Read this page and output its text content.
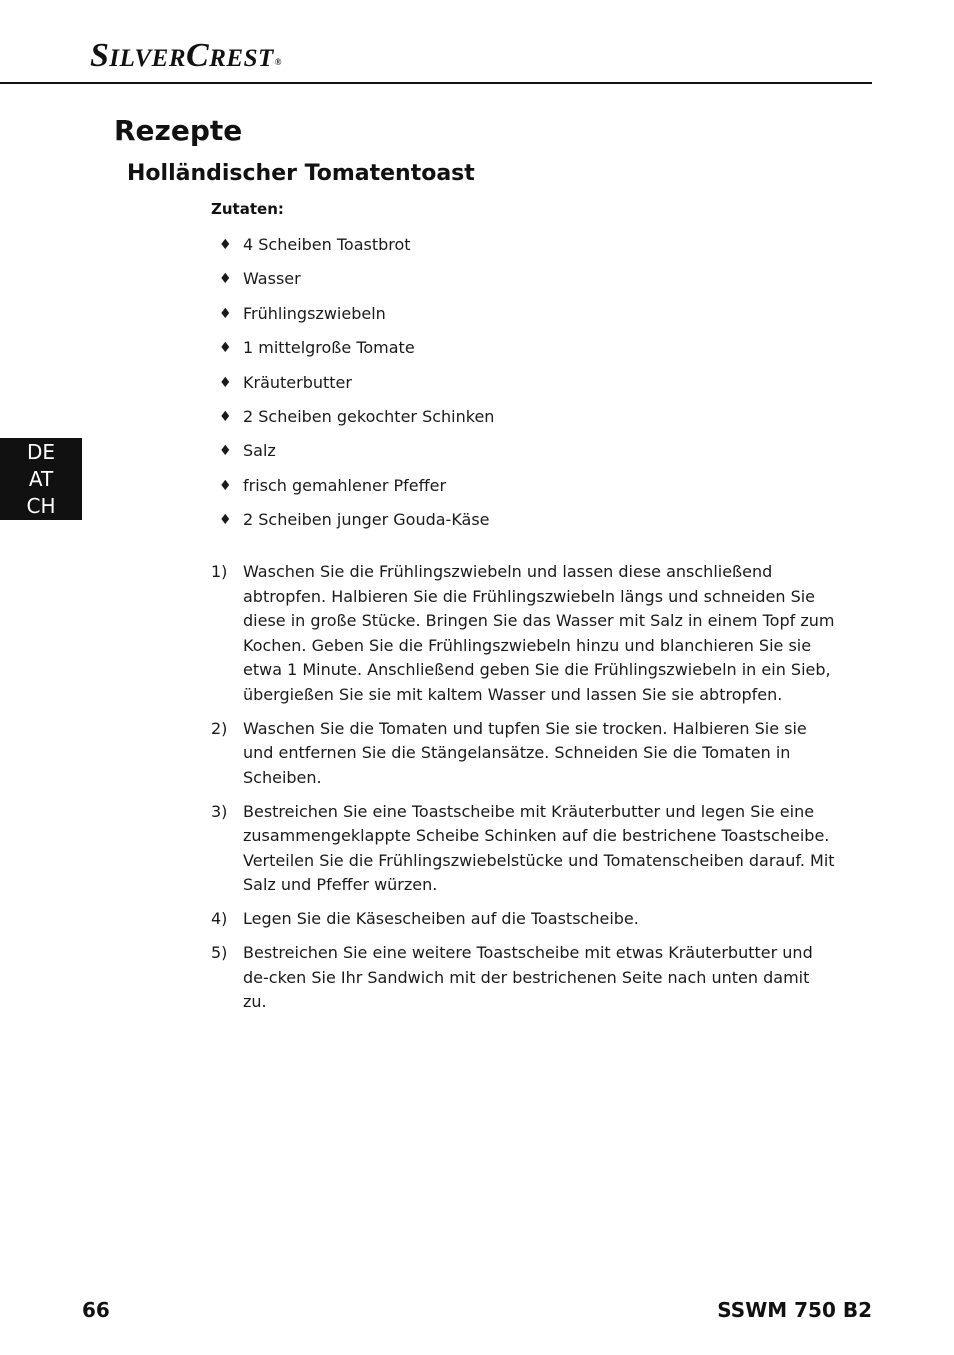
SILVERCREST®
Rezepte
Holländischer Tomatentoast
Zutaten:
♦ 4 Scheiben Toastbrot
♦ Wasser
♦ Frühlingszwiebeln
♦ 1 mittelgroße Tomate
♦ Kräuterbutter
♦ 2 Scheiben gekochter Schinken
♦ Salz
♦ frisch gemahlener Pfeffer
♦ 2 Scheiben junger Gouda-Käse
DE
AT
CH
1) Waschen Sie die Frühlingszwiebeln und lassen diese anschließend abtropfen. Halbieren Sie die Frühlingszwiebeln längs und schneiden Sie diese in große Stücke. Bringen Sie das Wasser mit Salz in einem Topf zum Kochen. Geben Sie die Frühlingszwiebeln hinzu und blanchieren Sie sie etwa 1 Minute. Anschließend geben Sie die Frühlingszwiebeln in ein Sieb, übergießen Sie sie mit kaltem Wasser und lassen Sie sie abtropfen.
2) Waschen Sie die Tomaten und tupfen Sie sie trocken. Halbieren Sie sie und entfernen Sie die Stängelansätze. Schneiden Sie die Tomaten in Scheiben.
3) Bestreichen Sie eine Toastscheibe mit Kräuterbutter und legen Sie eine zusammengeklappte Scheibe Schinken auf die bestrichene Toastscheibe. Verteilen Sie die Frühlingszwiebelstücke und Tomatenscheiben darauf. Mit Salz und Pfeffer würzen.
4) Legen Sie die Käsescheiben auf die Toastscheibe.
5) Bestreichen Sie eine weitere Toastscheibe mit etwas Kräuterbutter und de-cken Sie Ihr Sandwich mit der bestrichenen Seite nach unten damit zu.
66	SSWM 750 B2
